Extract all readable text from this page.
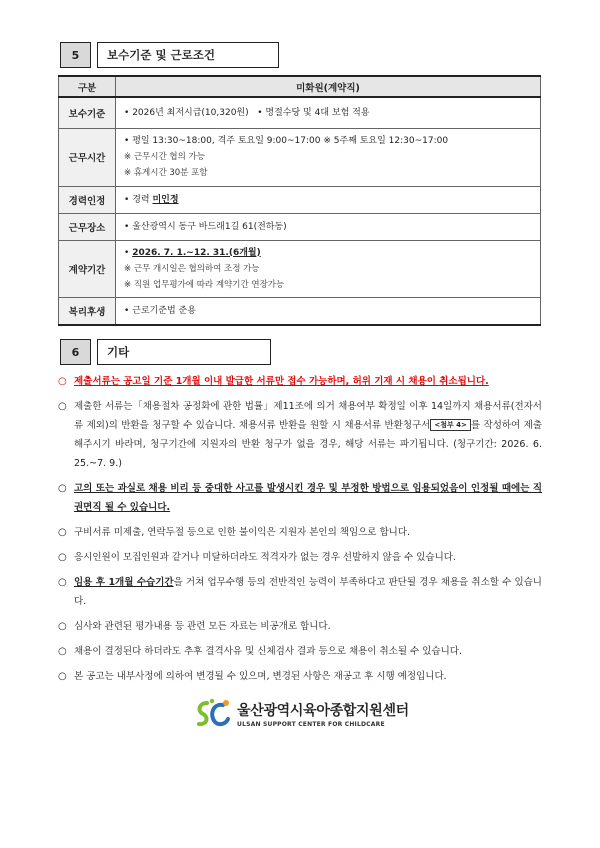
5	보수기준 및 근로조건
구분	미화원(계약직)
보수기준	• 2026년 최저시급(10,320원) • 명절수당 및 4대 보험 적용
근무시간	• 평일 13:30~18:00, 격주 토요일 9:00~17:00 ※ 5주째 토요일 12:30~17:00
※ 근무시간 협의 가능
※ 휴게시간 30분 포함

경력인정	• 경력 미인정
근무장소	• 울산광역시 동구 바드래1길 61(전하동)
계약기간	• 2026. 7. 1.~12. 31.(6개월)
※ 근무 개시일은 협의하여 조정 가능
※ 직원 업무평가에 따라 계약기간 연장가능

복리후생	• 근로기준법 준용
6	기타
○ 제출서류는 공고일 기준 1개월 이내 발급한 서류만 접수 가능하며, 허위 기재 시 채용이 취소됩니다.
○ 제출한 서류는「채용절차 공정화에 관한 법률」제11조에 의거 채용여부 확정일 이후 14일까지 채용서류(전자서류 제외)의 반환을 청구할 수 있습니다. 채용서류 반환을 원할 시 채용서류 반환청구서 <첨부 4> 를 작성하여 제출해주시기 바라며, 청구기간에 지원자의 반환 청구가 없을 경우, 해당 서류는 파기됩니다. (청구기간: 2026. 6. 25.~7. 9.)
○ 고의 또는 과실로 채용 비리 등 중대한 사고를 발생시킨 경우 및 부정한 방법으로 임용되었음이 인정될 때에는 직권면직 될 수 있습니다.
○ 구비서류 미제출, 연락두절 등으로 인한 불이익은 지원자 본인의 책임으로 합니다.
○ 응시인원이 모집인원과 같거나 미달하더라도 적격자가 없는 경우 선발하지 않을 수 있습니다.
○ 임용 후 1개월 수습기간을 거쳐 업무수행 등의 전반적인 능력이 부족하다고 판단될 경우 채용을 취소할 수 있습니다.
○ 심사와 관련된 평가내용 등 관련 모든 자료는 비공개로 합니다.
○ 채용이 결정된다 하더라도 추후 결격사유 및 신체검사 결과 등으로 채용이 취소될 수 있습니다.
○ 본 공고는 내부사정에 의하여 변경될 수 있으며, 변경된 사항은 재공고 후 시행 예정입니다.
울산광역시육아종합지원센터
ULSAN SUPPORT CENTER FOR CHILDCARE
